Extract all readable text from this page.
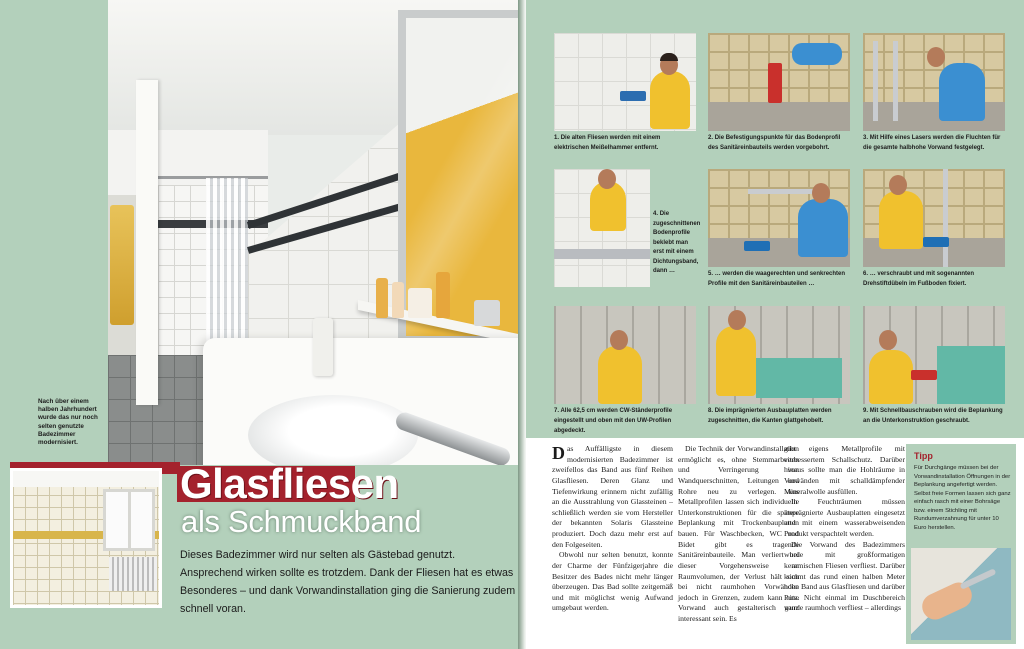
Nach über einem halben Jahrhundert wurde das nur noch selten genutzte Badezimmer modernisiert.
Glasfliesen
als Schmuckband
Dieses Badezimmer wird nur selten als Gästebad genutzt. Ansprechend wirken sollte es trotzdem. Dank der Fliesen hat es etwas Besonderes – und dank Vorwandinstallation ging die Sanierung zudem schnell voran.
1. Die alten Fliesen werden mit einem elektrischen Meißelhammer entfernt.
2. Die Befestigungspunkte für das Bodenprofil des Sanitäreinbauteils werden vorgebohrt.
3. Mit Hilfe eines Lasers werden die Fluchten für die gesamte halbhohe Vorwand festgelegt.
4. Die zugeschnittenen Bodenprofile beklebt man erst mit einem Dichtungsband, dann …	5. … werden die waagerechten und senkrechten Profile mit den Sanitäreinbauteilen …
6. … verschraubt und mit sogenannten Drehstiftdübeln im Fußboden fixiert.
7. Alle 62,5 cm werden CW-Ständerprofile eingestellt und oben mit den UW-Profilen abgedeckt.
8. Die imprägnierten Ausbauplatten werden zugeschnitten, die Kanten glattgehobelt.
9. Mit Schnellbauschrauben wird die Beplankung an die Unterkonstruktion geschraubt.

Das Auffälligste in diesem modernisierten Badezimmer ist zweifellos das Band aus fünf Reihen Glasfliesen. Deren Glanz und Tiefenwirkung erinnern nicht zufällig an die Ausstrahlung von Glassteinen – schließlich werden sie vom Hersteller der bekannten Solaris Glassteine produziert. Doch dazu mehr erst auf den Folgeseiten.

Obwohl nur selten benutzt, konnte der Charme der Fünfzigerjahre die Besitzer des Bades nicht mehr länger überzeugen. Das Bad sollte zeitgemäß und mit möglichst wenig Aufwand umgebaut werden.

Die Technik der Vorwandinstallation ermöglicht es, ohne Stemmarbeiten und Verringerung von Wandquerschnitten, Leitungen und Rohre neu zu verlegen. Aus Metallprofilen lassen sich individuelle Unterkonstruktionen für die spätere Beplankung mit Trockenbauplatten bauen. Für Waschbecken, WC und Bidet gibt es tragende Sanitäreinbauteile. Man verliert bei dieser Vorgehensweise an Raumvolumen, der Verlust hält sich bei nicht raumhohen Vorwänden jedoch in Grenzen, zudem kann eine Vorwand auch gestalterisch ganz interessant sein. Es

gibt eigens Metallprofile mit verbessertem Schallschutz. Darüber hinaus sollte man die Hohlräume in Vorwänden mit schalldämpfender Mineralwolle ausfüllen.

In Feuchträumen müssen imprägnierte Ausbauplatten eingesetzt und mit einem wasserabweisenden Produkt verspachtelt werden.

Die Vorwand des Badezimmers wurde mit großformatigen keramischen Fliesen verfliest. Darüber kommt das rund einen halben Meter hohe Band aus Glasfliesen und darüber Putz. Nicht einmal im Duschbereich wurde raumhoch verfliest – allerdings

Tipp
Für Durchgänge müssen bei der Vorwandinstallation Öffnungen in der Beplankung angefertigt werden. Selbst freie Formen lassen sich ganz einfach rasch mit einer Bohrsäge bzw. einem Stichling mit Rundumverzahnung für unter 10 Euro herstellen.
